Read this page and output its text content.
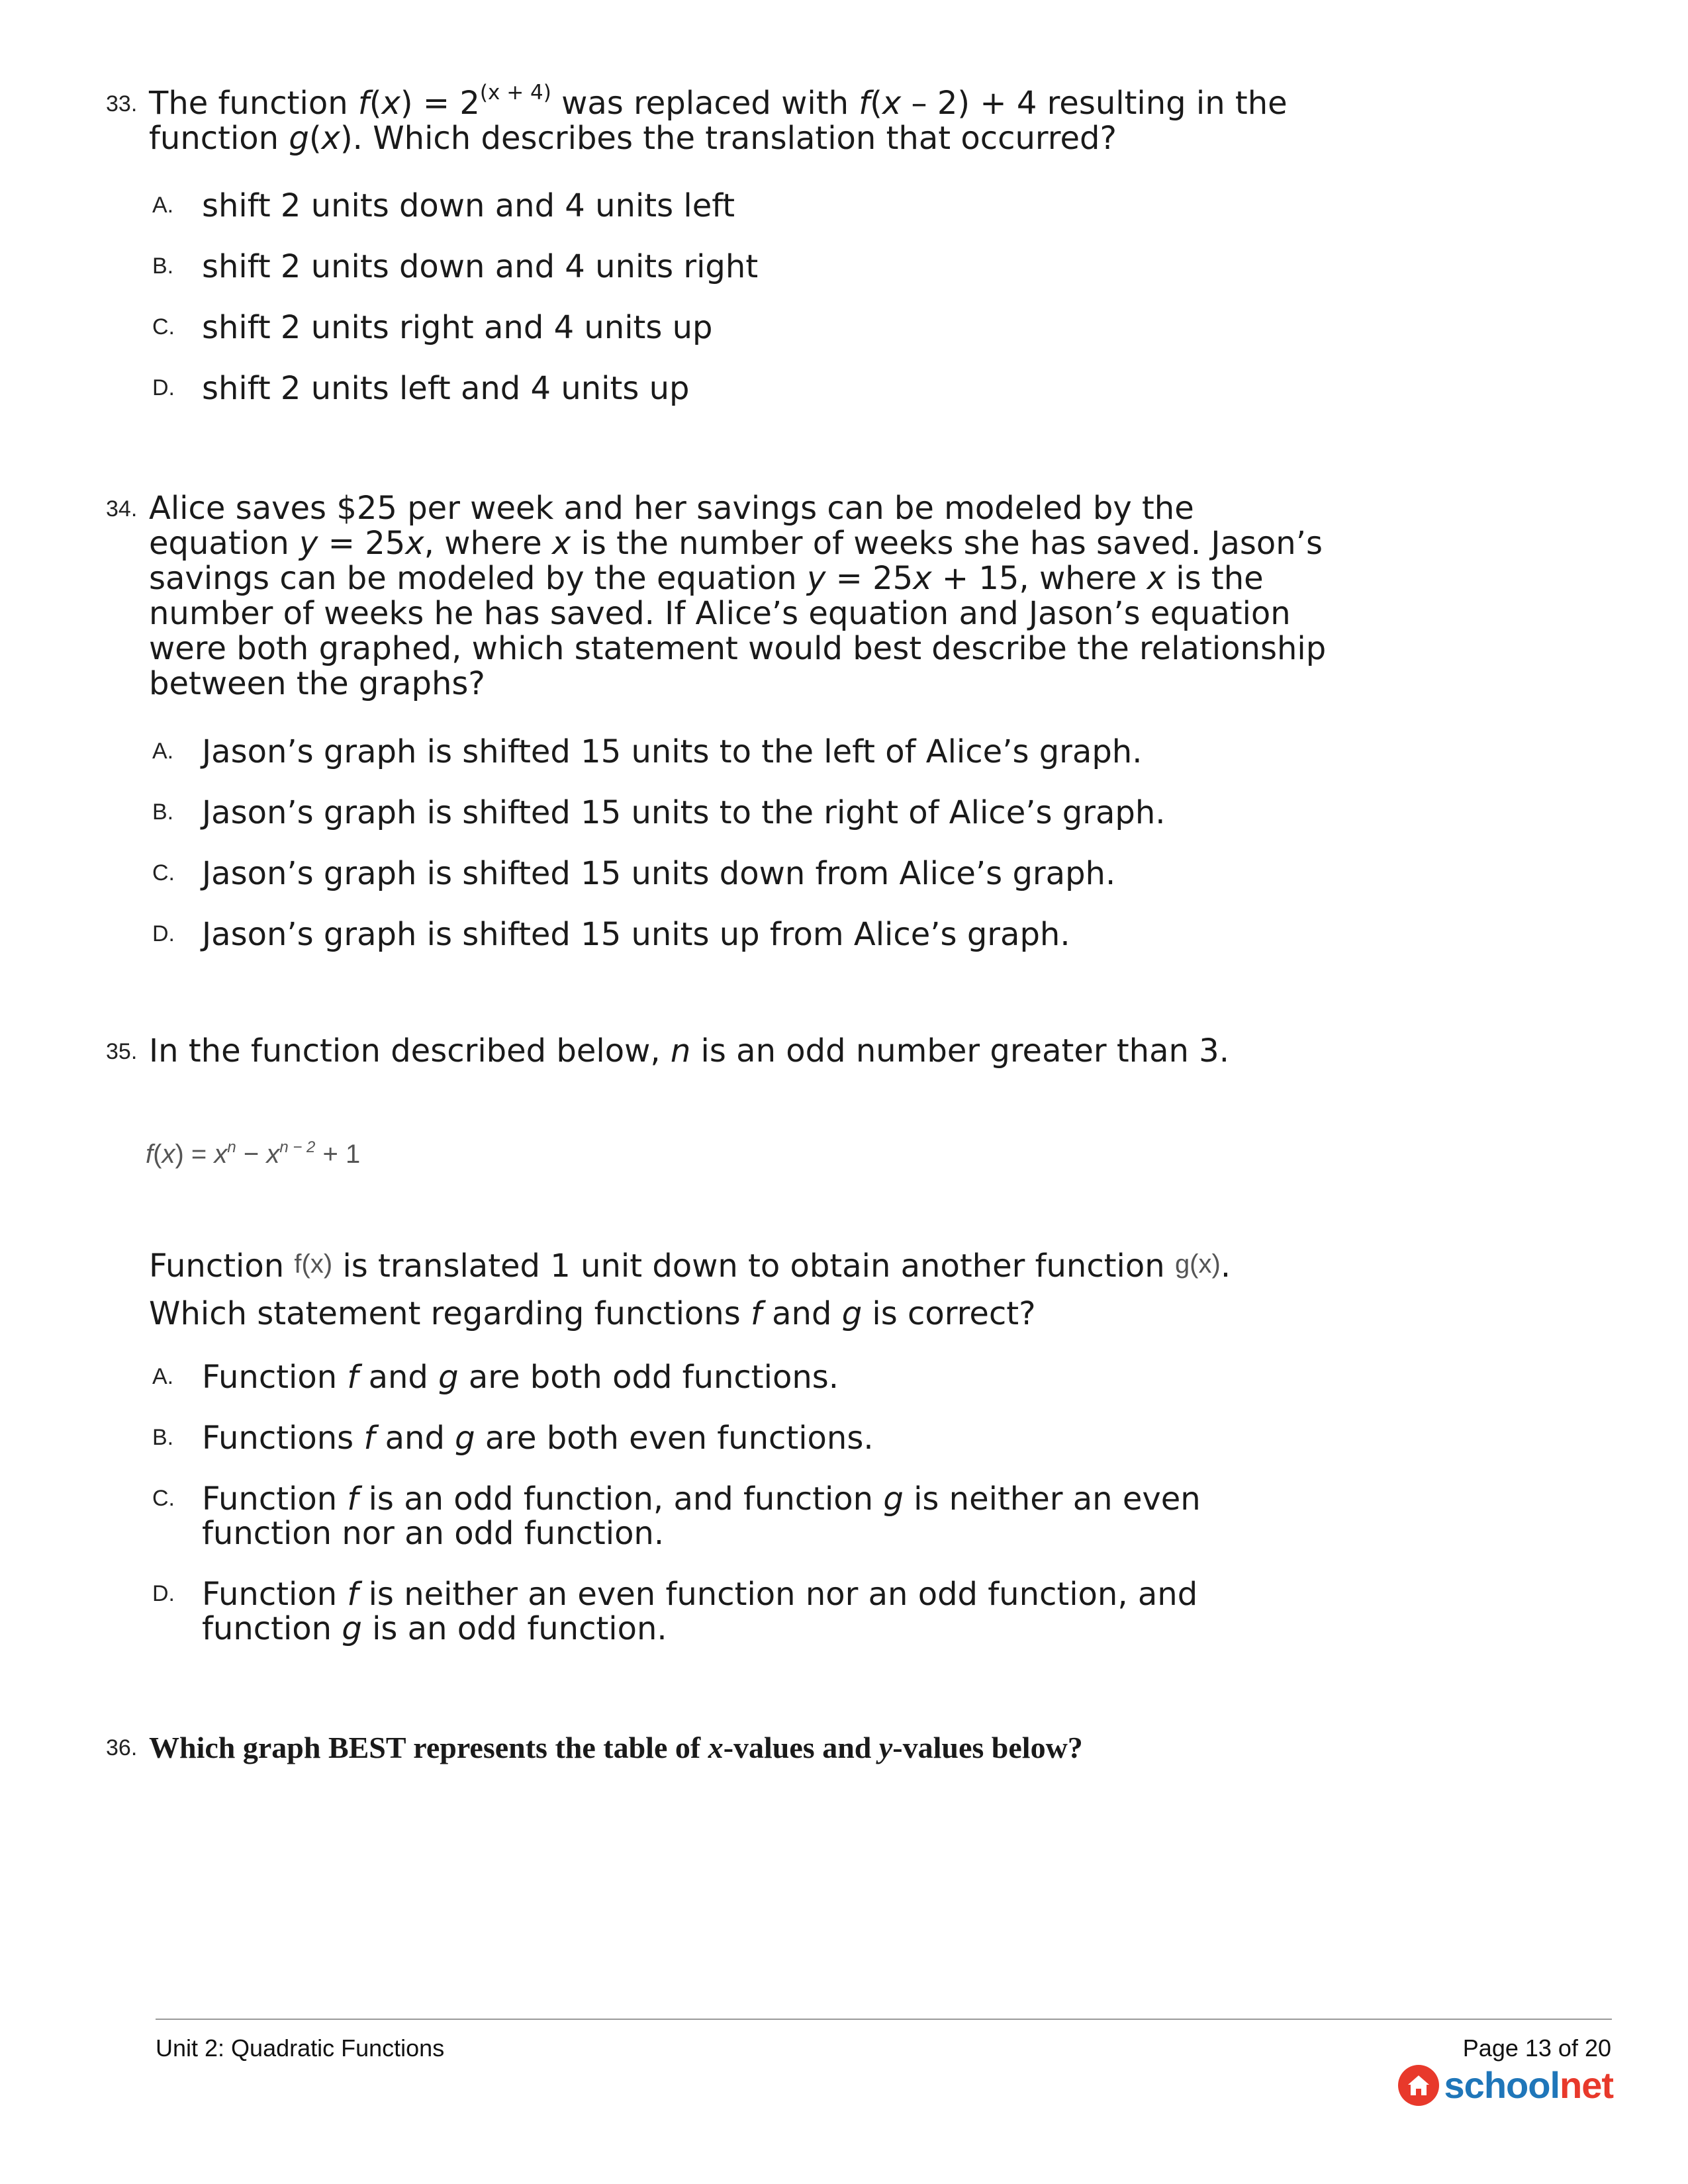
33. The function $f(x) = 2^{(x + 4)}$ was replaced with f(x – 2) + 4 resulting in the function g(x). Which describes the translation that occurred?
A. shift 2 units down and 4 units left
B. shift 2 units down and 4 units right
C. shift 2 units right and 4 units up
D. shift 2 units left and 4 units up
34. Alice saves $25 per week and her savings can be modeled by the equation y = 25x, where x is the number of weeks she has saved. Jason’s savings can be modeled by the equation y = 25x + 15, where x is the number of weeks he has saved. If Alice’s equation and Jason’s equation were both graphed, which statement would best describe the relationship between the graphs?
A. Jason’s graph is shifted 15 units to the left of Alice’s graph.
B. Jason’s graph is shifted 15 units to the right of Alice’s graph.
C. Jason’s graph is shifted 15 units down from Alice’s graph.
D. Jason’s graph is shifted 15 units up from Alice’s graph.
35. In the function described below, n is an odd number greater than 3.
$f(x) = x^n - x^{n - 2} + 1$
Function f(x) is translated 1 unit down to obtain another function g(x).
Which statement regarding functions f and g is correct?
A. Function f and g are both odd functions.
B. Functions f and g are both even functions.
C. Function f is an odd function, and function g is neither an even function nor an odd function.
D. Function f is neither an even function nor an odd function, and function g is an odd function.
36. Which graph BEST represents the table of x-values and y-values below?
Unit 2: Quadratic Functions	Page 13 of 20
schoolnet
